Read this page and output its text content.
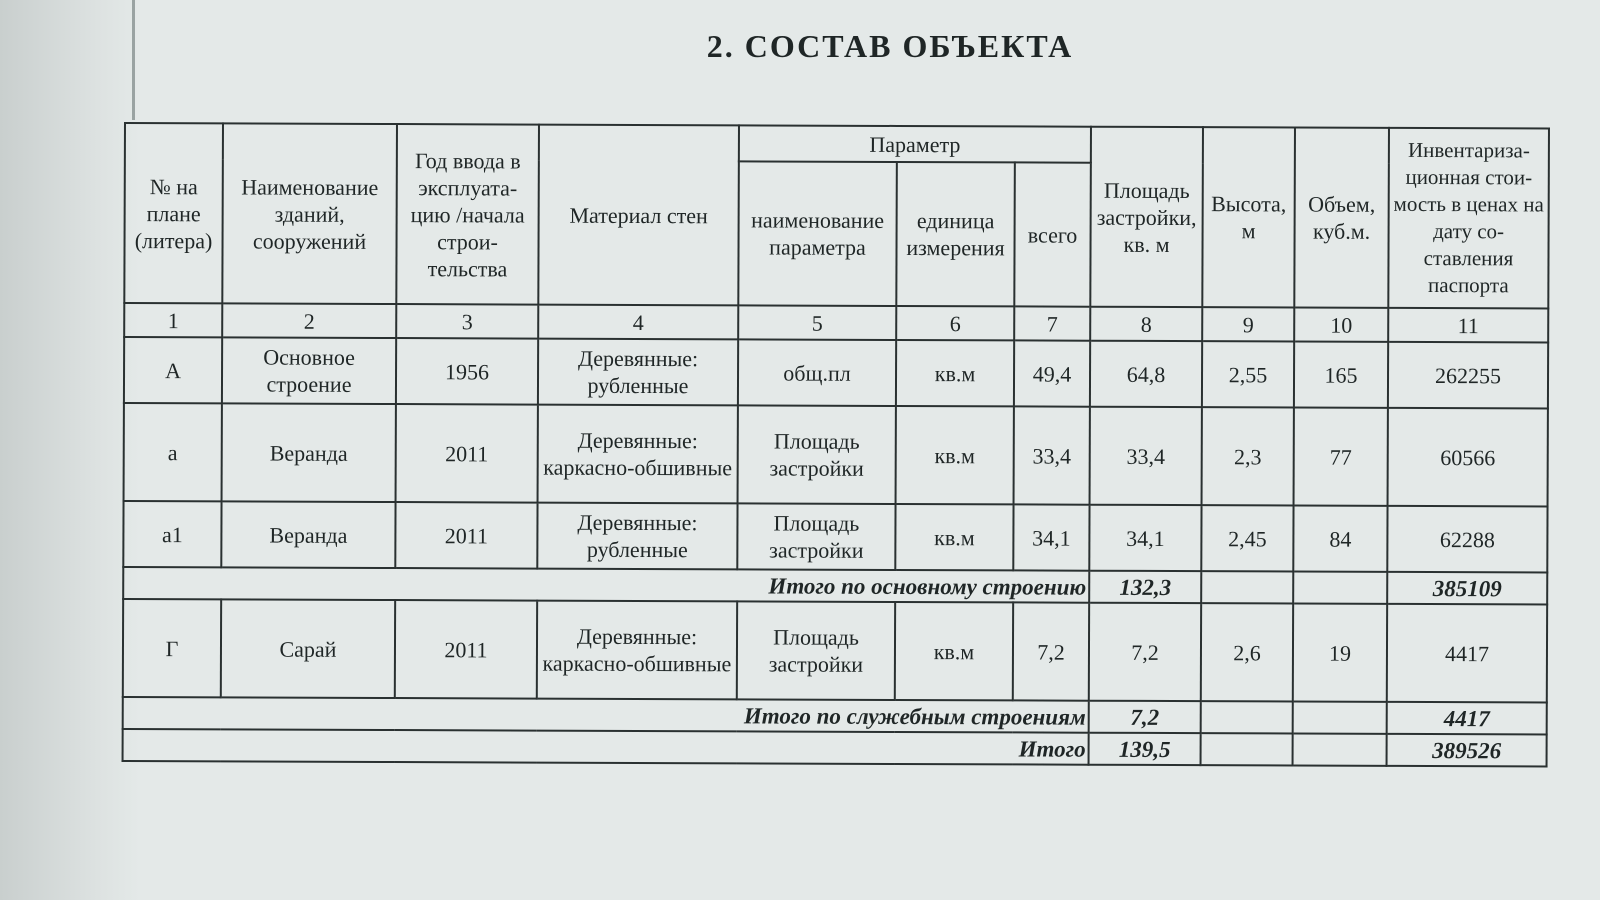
2. СОСТАВ ОБЪЕКТА
№ на плане (литера)	Наименование зданий, сооружений	Год ввода в эксплуата-цию /начала строи-тельства	Материал стен	Параметр			Площадь застройки, кв. м	Высота, м	Объем, куб.м.	Инвентариза-ционная стои-мость в ценах на дату со-ставления паспорта
				наименование параметра	единица измерения	всего				
1	2	3	4	5	6	7	8	9	10	11
А	Основное строение	1956	Деревянные: рубленные	общ.пл	кв.м	49,4	64,8	2,55	165	262255
а	Веранда	2011	Деревянные: каркасно-обшивные	Площадь застройки	кв.м	33,4	33,4	2,3	77	60566
а1	Веранда	2011	Деревянные: рубленные	Площадь застройки	кв.м	34,1	34,1	2,45	84	62288
Итого по основному строению							132,3			385109
Г	Сарай	2011	Деревянные: каркасно-обшивные	Площадь застройки	кв.м	7,2	7,2	2,6	19	4417
Итого по служебным строениям							7,2			4417
Итого							139,5			389526
